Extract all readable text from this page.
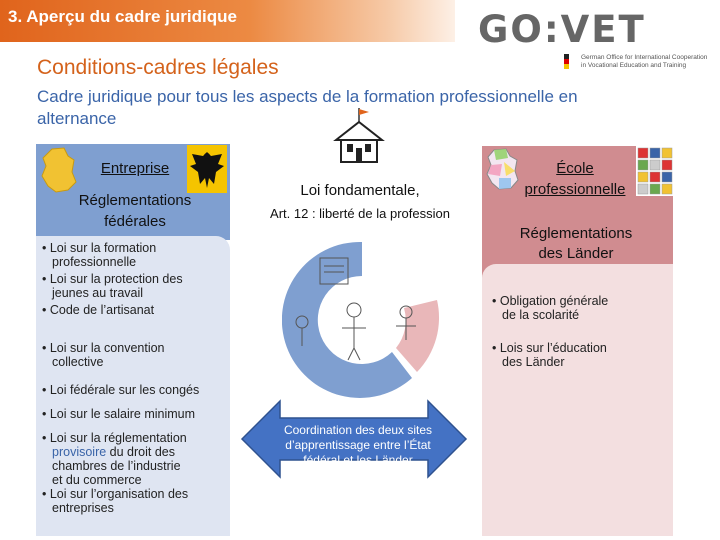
3. Aperçu du cadre juridique	GO:VET
German Office for International Cooperation
in Vocational Education and Training
Conditions-cadres légales
Cadre juridique pour tous les aspects de la formation professionnelle en alternance
Entreprise
Réglementations fédérales
• Loi sur la formation
professionnelle
• Loi sur la protection des
jeunes au travail
• Code de l’artisanat
• Loi sur la convention
collective
• Loi fédérale sur les congés
• Loi sur le salaire minimum
• Loi sur la réglementation
provisoire du droit des
chambres de l’industrie
et du commerce
• Loi sur l’organisation des
entreprises
Loi fondamentale,
Art. 12 : liberté de la profession
Coordination des deux sites d’apprentissage entre l’État fédéral et les Länder
École professionnelle
Réglementations des Länder
• Obligation générale
de la scolarité
• Lois sur l’éducation
des Länder
